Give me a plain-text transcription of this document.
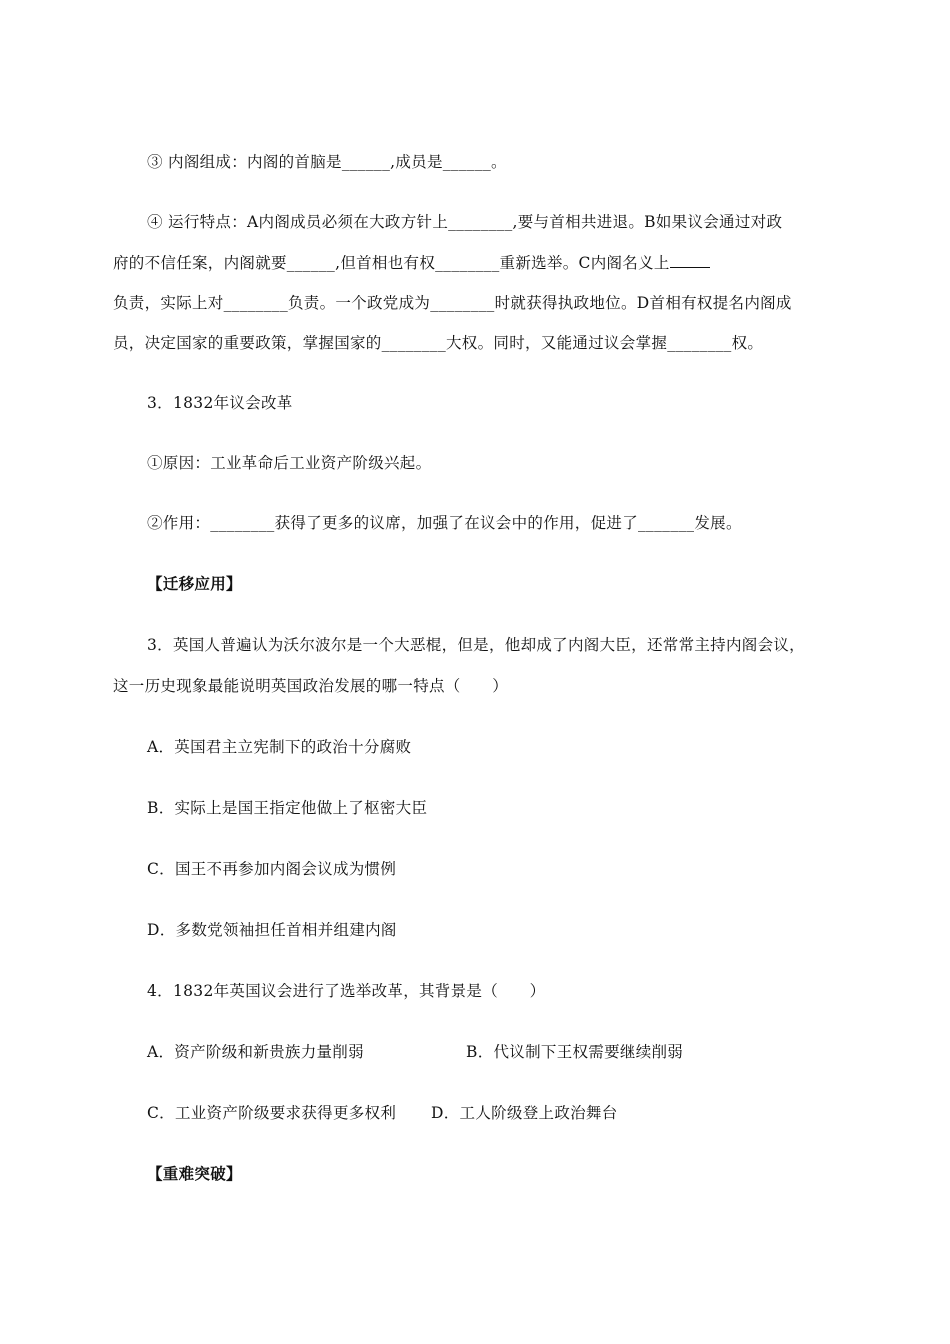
③ 内阁组成：内阁的首脑是______,成员是______。
④ 运行特点：A内阁成员必须在大政方针上________,要与首相共进退。B如果议会通过对政
府的不信任案，内阁就要______,但首相也有权________重新选举。C内阁名义上
负责，实际上对________负责。一个政党成为________时就获得执政地位。D首相有权提名内阁成
员，决定国家的重要政策，掌握国家的________大权。同时，又能通过议会掌握________权。
3．1832年议会改革
①原因：工业革命后工业资产阶级兴起。
②作用：________获得了更多的议席，加强了在议会中的作用，促进了_______发展。
【迁移应用】
3．英国人普遍认为沃尔波尔是一个大恶棍，但是，他却成了内阁大臣，还常常主持内阁会议，
这一历史现象最能说明英国政治发展的哪一特点（　　）
A．英国君主立宪制下的政治十分腐败
B．实际上是国王指定他做上了枢密大臣
C．国王不再参加内阁会议成为惯例
D．多数党领袖担任首相并组建内阁
4．1832年英国议会进行了选举改革，其背景是（　　）
A．资产阶级和新贵族力量削弱	B．代议制下王权需要继续削弱
C．工业资产阶级要求获得更多权利 D．工人阶级登上政治舞台
【重难突破】
